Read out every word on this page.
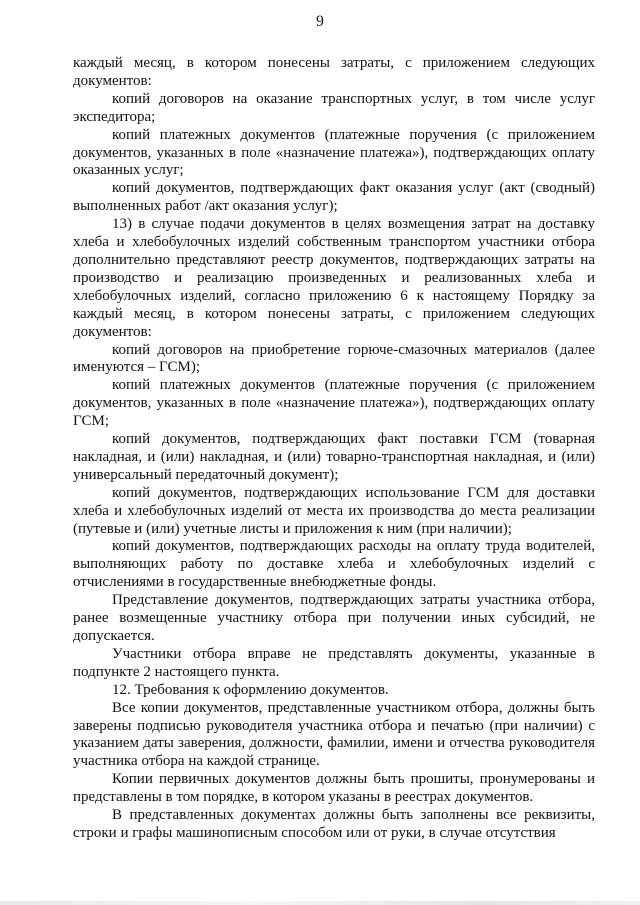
9

каждый месяц, в котором понесены затраты, с приложением следующих документов:

копий договоров на оказание транспортных услуг, в том числе услуг экспедитора;

копий платежных документов (платежные поручения (с приложением документов, указанных в поле «назначение платежа»), подтверждающих оплату оказанных услуг;

копий документов, подтверждающих факт оказания услуг (акт (сводный) выполненных работ /акт оказания услуг);

13) в случае подачи документов в целях возмещения затрат на доставку хлеба и хлебобулочных изделий собственным транспортом участники отбора дополнительно представляют реестр документов, подтверждающих затраты на производство и реализацию произведенных и реализованных хлеба и хлебобулочных изделий, согласно приложению 6 к настоящему Порядку за каждый месяц, в котором понесены затраты, с приложением следующих документов:

копий договоров на приобретение горюче-смазочных материалов (далее именуются – ГСМ);

копий платежных документов (платежные поручения (с приложением документов, указанных в поле «назначение платежа»), подтверждающих оплату ГСМ;

копий документов, подтверждающих факт поставки ГСМ (товарная накладная, и (или) накладная, и (или) товарно-транспортная накладная, и (или) универсальный передаточный документ);

копий документов, подтверждающих использование ГСМ для доставки хлеба и хлебобулочных изделий от места их производства до места реализации (путевые и (или) учетные листы и приложения к ним (при наличии);

копий документов, подтверждающих расходы на оплату труда водителей, выполняющих работу по доставке хлеба и хлебобулочных изделий с отчислениями в государственные внебюджетные фонды.

Представление документов, подтверждающих затраты участника отбора, ранее возмещенные участнику отбора при получении иных субсидий, не допускается.

Участники отбора вправе не представлять документы, указанные в подпункте 2 настоящего пункта.

12. Требования к оформлению документов.

Все копии документов, представленные участником отбора, должны быть заверены подписью руководителя участника отбора и печатью (при наличии) с указанием даты заверения, должности, фамилии, имени и отчества руководителя участника отбора на каждой странице.

Копии первичных документов должны быть прошиты, пронумерованы и представлены в том порядке, в котором указаны в реестрах документов.

В представленных документах должны быть заполнены все реквизиты, строки и графы машинописным способом или от руки, в случае отсутствия
